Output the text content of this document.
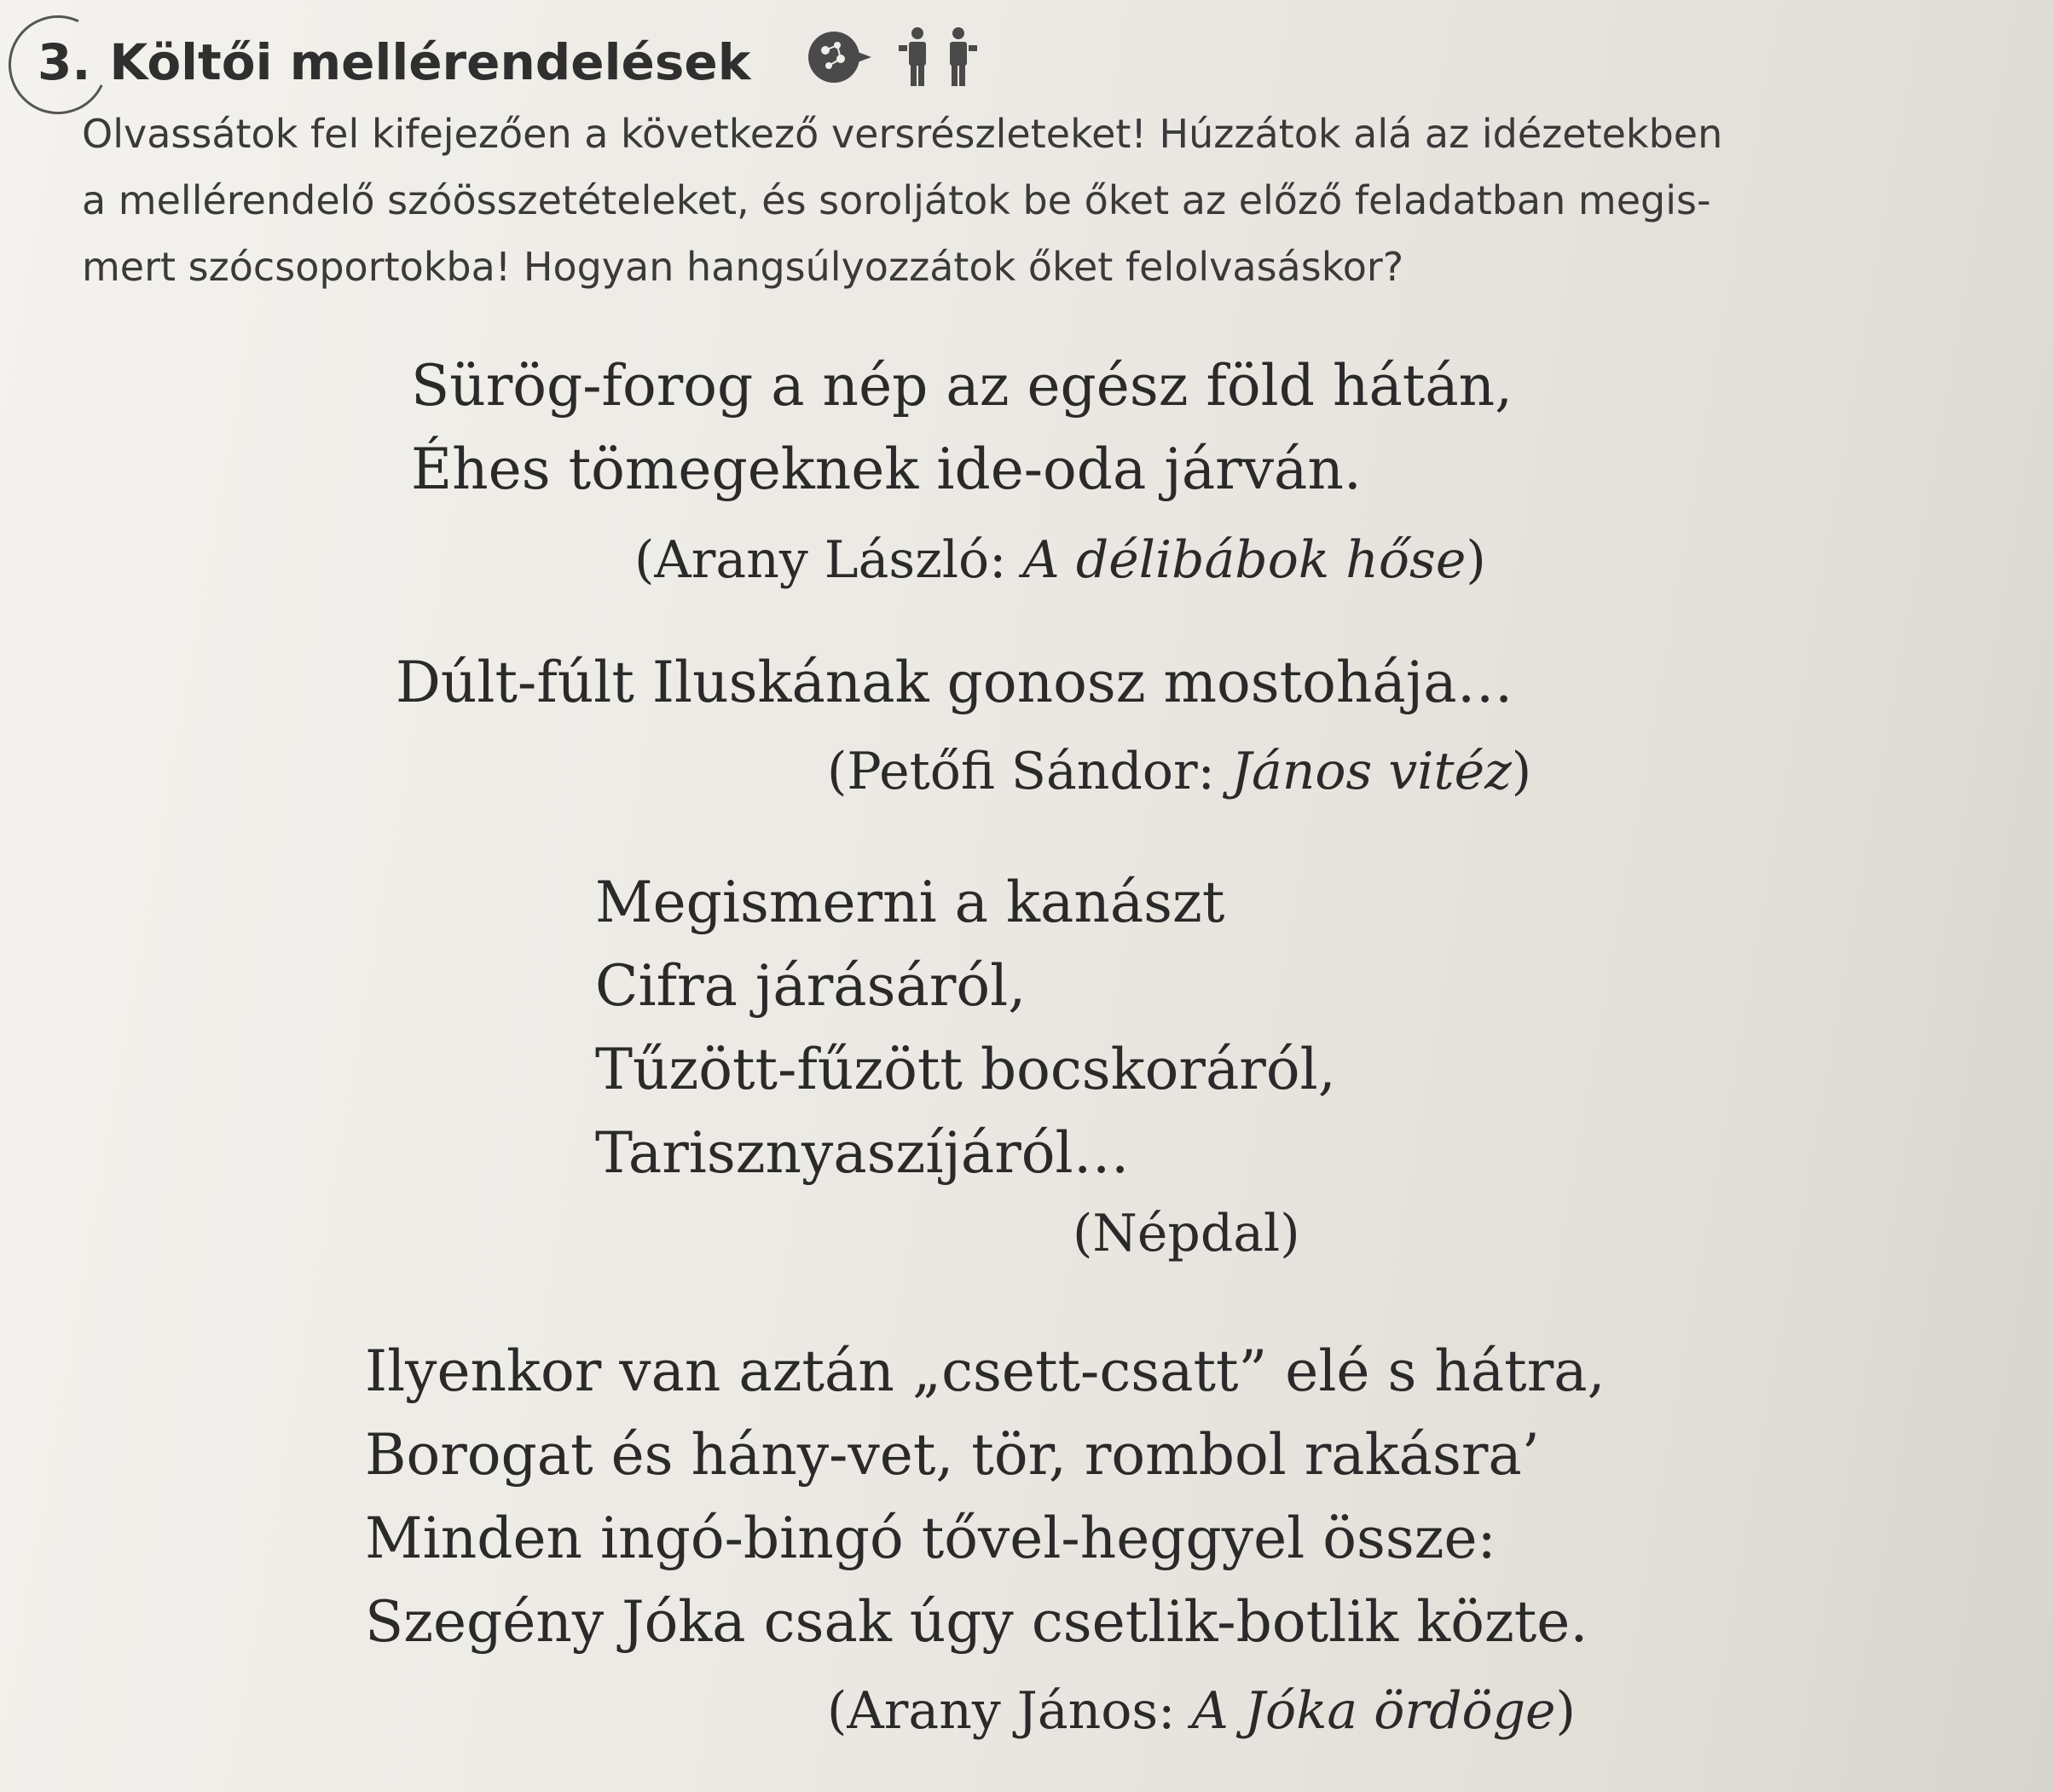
3. Költői mellérendelések

Olvassátok fel kifejezően a következő versrészleteket! Húzzátok alá az idézetekben

a mellérendelő szóösszetételeket, és soroljátok be őket az előző feladatban megis-

mert szócsoportokba! Hogyan hangsúlyozzátok őket felolvasáskor?

Sürög-forog a nép az egész föld hátán,
Éhes tömegeknek ide-oda járván.
(Arany László: A délibábok hőse)
Dúlt-fúlt Iluskának gonosz mostohája…
(Petőfi Sándor: János vitéz)
Megismerni a kanászt
Cifra járásáról,
Tűzött-fűzött bocskoráról,
Tarisznyaszíjáról…
(Népdal)
Ilyenkor van aztán „csett-csatt” elé s hátra,
Borogat és hány-vet, tör, rombol rakásra’
Minden ingó-bingó tővel-heggyel össze:
Szegény Jóka csak úgy csetlik-botlik közte.
(Arany János: A Jóka ördöge)
